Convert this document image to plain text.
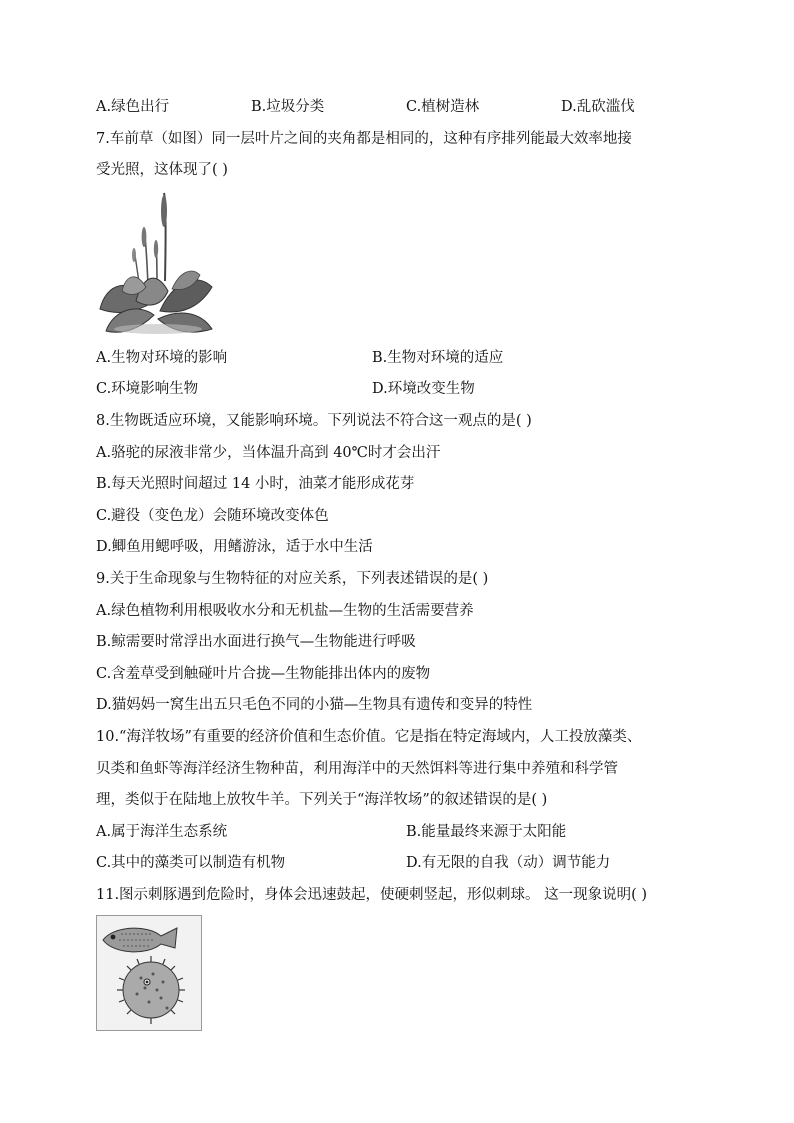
A.绿色出行	B.垃圾分类	C.植树造林	D.乱砍滥伐
7.车前草（如图）同一层叶片之间的夹角都是相同的，这种有序排列能最大效率地接
受光照，这体现了( )
A.生物对环境的影响	B.生物对环境的适应
C.环境影响生物	D.环境改变生物
8.生物既适应环境，又能影响环境。下列说法不符合这一观点的是( )
A.骆驼的尿液非常少，当体温升高到 40℃时才会出汗
B.每天光照时间超过 14 小时，油菜才能形成花芽
C.避役（变色龙）会随环境改变体色
D.鲫鱼用鳃呼吸，用鳍游泳，适于水中生活
9.关于生命现象与生物特征的对应关系，下列表述错误的是( )
A.绿色植物利用根吸收水分和无机盐—生物的生活需要营养
B.鲸需要时常浮出水面进行换气—生物能进行呼吸
C.含羞草受到触碰叶片合拢—生物能排出体内的废物
D.猫妈妈一窝生出五只毛色不同的小猫—生物具有遗传和变异的特性
10.“海洋牧场”有重要的经济价值和生态价值。它是指在特定海域内，人工投放藻类、
贝类和鱼虾等海洋经济生物种苗，利用海洋中的天然饵料等进行集中养殖和科学管
理，类似于在陆地上放牧牛羊。下列关于“海洋牧场”的叙述错误的是( )
A.属于海洋生态系统	B.能量最终来源于太阳能
C.其中的藻类可以制造有机物	D.有无限的自我（动）调节能力
11.图示刺豚遇到危险时，身体会迅速鼓起，使硬刺竖起，形似刺球。 这一现象说明( )
